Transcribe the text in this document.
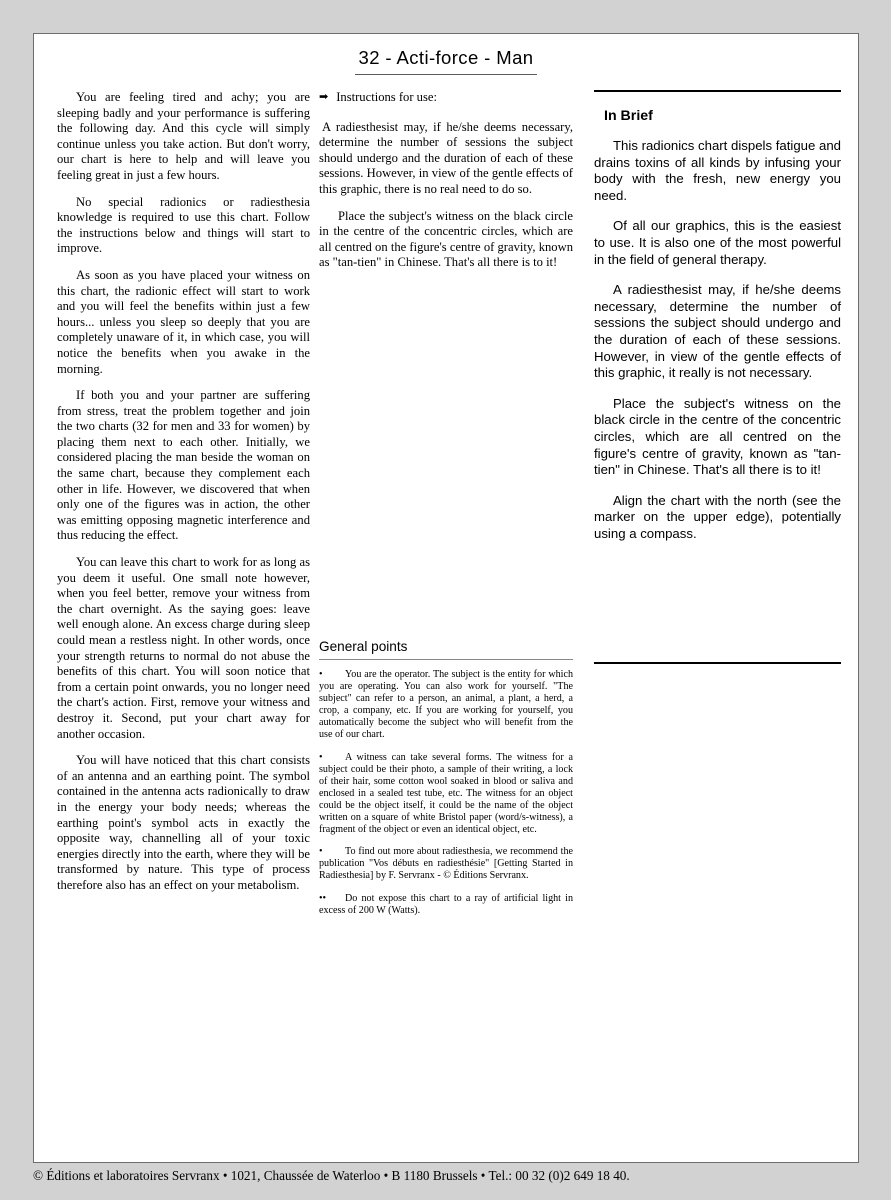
32 - Acti-force - Man

You are feeling tired and achy; you are sleeping badly and your performance is suffering the following day. And this cycle will simply continue unless you take action. But don't worry, our chart is here to help and will leave you feeling great in just a few hours.

No special radionics or radiesthesia knowledge is required to use this chart. Follow the instructions below and things will start to improve.

As soon as you have placed your witness on this chart, the radionic effect will start to work and you will feel the benefits within just a few hours... unless you sleep so deeply that you are completely unaware of it, in which case, you will notice the benefits when you awake in the morning.

If both you and your partner are suffering from stress, treat the problem together and join the two charts (32 for men and 33 for women) by placing them next to each other. Initially, we considered placing the man beside the woman on the same chart, because they complement each other in life. However, we discovered that when only one of the figures was in action, the other was emitting opposing magnetic interference and thus reducing the effect.

You can leave this chart to work for as long as you deem it useful. One small note however, when you feel better, remove your witness from the chart overnight. As the saying goes: leave well enough alone. An excess charge during sleep could mean a restless night. In other words, once your strength returns to normal do not abuse the benefits of this chart. You will soon notice that from a certain point onwards, you no longer need the chart's action. First, remove your witness and destroy it. Second, put your chart away for another occasion.

You will have noticed that this chart consists of an antenna and an earthing point. The symbol contained in the antenna acts radionically to draw in the energy your body needs; whereas the earthing point's symbol acts in exactly the opposite way, channelling all of your toxic energies directly into the earth, where they will be transformed by nature. This type of process therefore also has an effect on your metabolism.

➡ Instructions for use:

A radiesthesist may, if he/she deems necessary, determine the number of sessions the subject should undergo and the duration of each of these sessions. However, in view of the gentle effects of this graphic, there is no real need to do so.

Place the subject's witness on the black circle in the centre of the concentric circles, which are all centred on the figure's centre of gravity, known as "tan-tien" in Chinese. That's all there is to it!

General points

• You are the operator. The subject is the entity for which you are operating. You can also work for yourself. "The subject" can refer to a person, an animal, a plant, a herd, a crop, a company, etc. If you are working for yourself, you automatically become the subject who will benefit from the use of our chart.

• A witness can take several forms. The witness for a subject could be their photo, a sample of their writing, a lock of their hair, some cotton wool soaked in blood or saliva and enclosed in a sealed test tube, etc. The witness for an object could be the object itself, it could be the name of the object written on a square of white Bristol paper (word/s-witness), a fragment of the object or even an identical object, etc.

• To find out more about radiesthesia, we recommend the publication "Vos débuts en radiesthésie" [Getting Started in Radiesthesia] by F. Servranx - © Éditions Servranx.

•• Do not expose this chart to a ray of artificial light in excess of 200 W (Watts).

In Brief

This radionics chart dispels fatigue and drains toxins of all kinds by infusing your body with the fresh, new energy you need.

Of all our graphics, this is the easiest to use. It is also one of the most powerful in the field of general therapy.

A radiesthesist may, if he/she deems necessary, determine the number of sessions the subject should undergo and the duration of each of these sessions. However, in view of the gentle effects of this graphic, it really is not necessary.

Place the subject's witness on the black circle in the centre of the concentric circles, which are all centred on the figure's centre of gravity, known as "tan-tien" in Chinese. That's all there is to it!

Align the chart with the north (see the marker on the upper edge), potentially using a compass.

© Éditions et laboratoires Servranx • 1021, Chaussée de Waterloo • B 1180 Brussels • Tel.: 00 32 (0)2 649 18 40.
